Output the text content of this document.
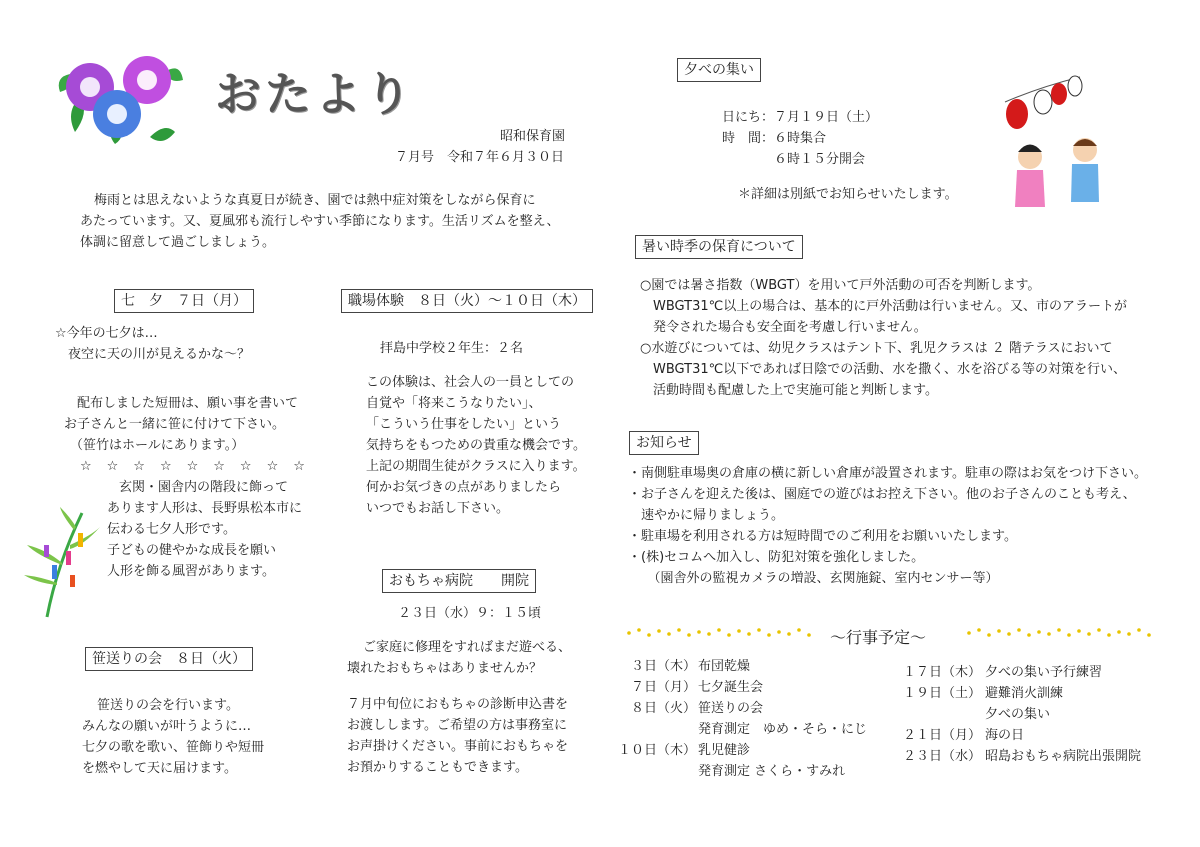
おたより
昭和保育園
７月号　令和７年６月３０日
梅雨とは思えないような真夏日が続き、園では熱中症対策をしながら保育に
あたっています。又、夏風邪も流行しやすい季節になります。生活リズムを整え、
体調に留意して過ごしましょう。
七　夕　７日（月）
☆今年の七夕は…
　夜空に天の川が見えるかな～？
配布しました短冊は、願い事を書いて
お子さんと一緒に笹に付けて下さい。
（笹竹はホールにあります。）
☆　☆　☆　☆　☆　☆　☆　☆　☆
玄関・園舎内の階段に飾って
あります人形は、長野県松本市に
伝わる七夕人形です。
子どもの健やかな成長を願い
人形を飾る風習があります。
笹送りの会　８日（火）
笹送りの会を行います。
みんなの願いが叶うように…
七夕の歌を歌い、笹飾りや短冊
を燃やして天に届けます。
職場体験　８日（火）～１０日（木）
拝島中学校２年生：２名
この体験は、社会人の一員としての
自覚や「将来こうなりたい」、
「こういう仕事をしたい」という
気持ちをもつための貴重な機会です。
上記の期間生徒がクラスに入ります。
何かお気づきの点がありましたら
いつでもお話し下さい。
おもちゃ病院　　開院
２３日（水）９：１５頃
ご家庭に修理をすればまだ遊べる、
壊れたおもちゃはありませんか？
７月中旬位におもちゃの診断申込書を
お渡しします。ご希望の方は事務室に
お声掛けください。事前におもちゃを
お預かりすることもできます。
夕べの集い
日にち：７月１９日（土）
時　間：６時集合
　　　　６時１５分開会
＊詳細は別紙でお知らせいたします。
暑い時季の保育について
○園では暑さ指数（WBGT）を用いて戸外活動の可否を判断します。
　WBGT31℃以上の場合は、基本的に戸外活動は行いません。又、市のアラートが
　発令された場合も安全面を考慮し行いません。
○水遊びについては、幼児クラスはテント下、乳児クラスは ２ 階テラスにおいて
　WBGT31℃以下であれば日陰での活動、水を撒く、水を浴びる等の対策を行い、
　活動時間も配慮した上で実施可能と判断します。
お知らせ
・南側駐車場奥の倉庫の横に新しい倉庫が設置されます。駐車の際はお気をつけ下さい。
・お子さんを迎えた後は、園庭での遊びはお控え下さい。他のお子さんのことも考え、
　速やかに帰りましょう。
・駐車場を利用される方は短時間でのご利用をお願いいたします。
・(株)セコムへ加入し、防犯対策を強化しました。
　　（園舎外の監視カメラの増設、玄関施錠、室内センサー等）
～行事予定～
　３日（木）	布団乾燥
　７日（月）	七夕誕生会
　８日（火）	笹送りの会
	発育測定　ゆめ・そら・にじ
１０日（木）	乳児健診
	発育測定 さくら・すみれ
１７日（木）	夕べの集い予行練習
１９日（土）	避難消火訓練
	夕べの集い
２１日（月）	海の日
２３日（水）	昭島おもちゃ病院出張開院
